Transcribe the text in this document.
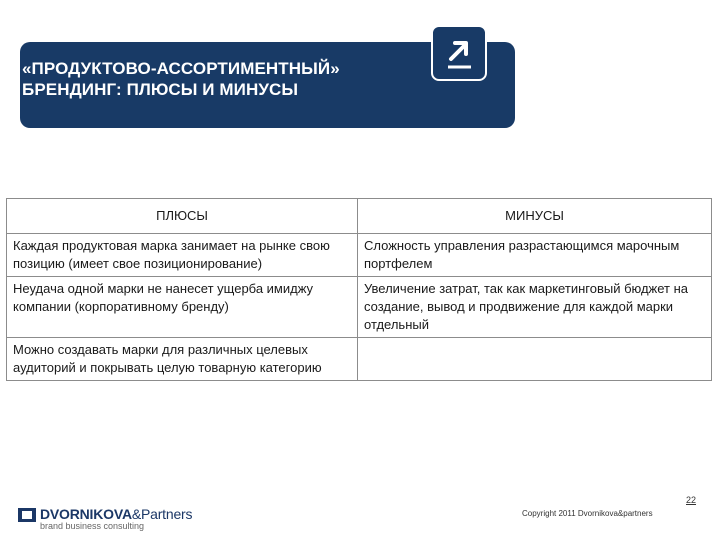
«ПРОДУКТОВО-АССОРТИМЕНТНЫЙ»
БРЕНДИНГ: ПЛЮСЫ И МИНУСЫ
ПЛЮСЫ	МИНУСЫ
Каждая продуктовая марка занимает на рынке свою позицию (имеет свое позиционирование)	Сложность управления разрастающимся марочным портфелем
Неудача одной марки не нанесет ущерба имиджу компании (корпоративному бренду)	Увеличение затрат, так как маркетинговый бюджет на создание, вывод и продвижение для каждой марки отдельный
Можно создавать марки для различных целевых аудиторий и покрывать целую товарную категорию	
DVORNIKOVA&Partners
brand business consulting
Copyright 2011 Dvornikova&partners
22
